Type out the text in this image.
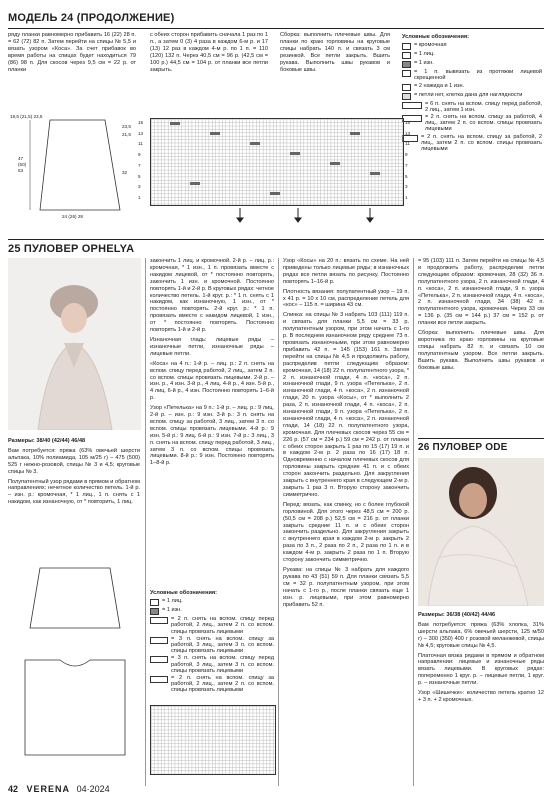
МОДЕЛЬ 24 (ПРОДОЛЖЕНИЕ)
ряду планки равномерно прибавить 16 (22) 28 п. = 62 (72) 82 п. Затем перейти на спицы № 5,5 и вязать узором «Коса». За счет прибавок во время работы на спицах будет находиться 79 (86) 98 п. Для скосов через 9,5 см = 22 р. от планки
с обеих сторон прибавить сначала 1 раз по 1 п., а затем 0 (3) 4 раза в каждом 6-м р. и 17 (13) 12 раз в каждом 4-м р. по 1 п. = 110 (120) 132 п. Через 40,5 см = 96 р. (42,5 см = 100 р.) 44,5 см = 104 р. от планки все петли закрыть.

Сборка: выполнить плечевые швы. Для планки по краю горловины на круговые спицы набрать 140 п. и связать 3 см резинкой. Все петли закрыть. Вшить рукава. Выполнить швы рукавов и боковые швы.

Условные обозначения:
= кромочная
= 1 лиц.
= 1 изн.
= 1 п. вывязать из протяжки лицевой скрещенной
= 2 нажида и 1 изн.
= петли нет, клетка дана для наглядности
= 6 п. снять на вспом. спицу перед работой, 2 лиц., затем 1 изн.
= 2 п. снять на вспом. спицу за работой, 4 лиц., затем 2 п. со вспом. спицы провязать лицевыми
= 2 п. снять на вспом. спицу за работой, 2 лиц., затем 2 п. со вспом. спицы провязать лицевыми
19,5 (21,5) 23,5
47
(50)
53	32
24 (26) 28
23,5
21,5
15
13
11
9
7
5
3
1
15
13
11
9
7
5
3
1
25 ПУЛОВЕР OPHELYA

Размеры: 38/40 (42/44) 46/48

Вам потребуется: пряжа (63% овечьей шерсти альпака, 10% полиамида, 105 м/25 г) – 475 (500) 525 г нежно-розовой, спицы № 3 и 4,5; круговые спицы № 3.

Полупатентный узор рядами в прямом и обратном направлениях: нечетное количество петель. 1-й р. – изн. р.: кромочная, * 1 лиц., 1 п. снять с 1 накидом, как изнаночную, от * повторить, 1 лиц.

закончить 1 лиц. и кромочной. 2-й р. – лиц. р.: кромочная, * 1 изн., 1 п. провязать вместе с накидом лицевой, от * постоянно повторять, закончить 1 изн. и кромочной. Постоянно повторять 1-й и 2-й р. В круговых рядах: четное количество петель. 1-й круг. р.: * 1 п. снять с 1 накидом, как изнаночную, 1 изн., от * постоянно повторять. 2-й круг. р.: * 1 п. провязать вместе с накидом лицевой, 1 изн., от * постоянно повторять. Постоянно повторять 1-й и 2-й р.

Изнаночная гладь: лицевые ряды – изнаночные петли, изнаночные ряды – лицевые петли.

«Коса» на 4 п.: 1-й р. – лиц. р.: 2 п. снять на вспом. спицу перед работой, 2 лиц., затем 2 п. со вспом. спицы провязать лицевыми. 2-й р. – изн. р., 4 изн. 3-й р., 4 лиц. 4-й р., 4 изн. 5-й р., 4 лиц. 6-й р., 4 изн. Постоянно повторять 1–6-й р.

Узор «Петелька» на 9 п.: 1-й р. – лиц. р.: 9 лиц. 2-й р. – изн. р.: 9 изн. 3-й р.: 3 п. снять на вспом. спицу за работой, 3 лиц., затем 3 п. со вспом. спицы провязать лицевыми. 4-й р.: 9 изн. 5-й р.: 9 лиц. 6-й р.: 9 изн. 7-й р.: 3 лиц., 3 п. снять на вспом. спицу перед работой, 3 лиц., затем 3 п. со вспом. спицы провязать лицевыми. 8-й р.: 9 изн. Постоянно повторять 1–8-й р.

Условные обозначения:
= 1 лиц.
= 1 изн.
= 2 п. снять на вспом. спицу перед работой, 2 лиц., затем 2 п. со вспом. спицы провязать лицевыми
= 3 п. снять на вспом. спицу за работой, 3 лиц., затем 3 п. со вспом. спицы провязать лицевыми
= 3 п. снять на вспом. спицу перед работой, 3 лиц., затем 3 п. со вспом. спицы провязать лицевыми
= 2 п. снять на вспом. спицу за работой, 2 лиц., затем 2 п. со вспом. спицы провязать лицевыми

Узор «Косы» на 20 п.: вязать по схеме. На ней приведены только лицевые ряды; в изнаночных рядах все петли вязать по рисунку. Постоянно повторять 1–16-й р.

Плотность вязания: полупатентный узор – 19 п. x 41 р. = 10 x 10 см, распределение петель для «кос» – 115 п. = ширина 43 см.

Спинка: на спицы № 3 набрать 103 (111) 119 п. и связать для планки 5,5 см = 33 р. полупатентным узором, при этом начать с 1-го р. В последнем изнаночном ряду среднее 73 п. провязать изнаночными, при этом равномерно прибавить 42 п. = 145 (153) 161 п. Затем перейти на спицы № 4,5 и продолжить работу, распределив петли следующим образом: кромочная, 14 (18) 22 п. полупатентного узора, * 2 п. изнаночной глади, 4 п. «коса», 2 п. изнаночной глади, 9 п. узора «Петелька», 2 п. изнаночной глади, 4 п. «коса», 2 п. изнаночной глади, 20 п. узора «Косы», от * выполнить 2 раза, 2 п. изнаночной глади, 4 п. «коса», 2 п. изнаночной глади, 9 п. узора «Петелька», 2 п. изнаночной глади, 4 п. «коса», 2 п. изнаночной глади, 14 (18) 22 п. полупатентного узора, кромочная. Для плечевых скосов через 55 см = 226 р. (57 см = 234 р.) 59 см = 242 р. от планки с обеих сторон закрыть 1 раз по 15 (17) 19 п. и в каждом 2-м р. 2 раза по 16 (17) 18 п. Одновременно с началом плечевых скосов для горловины закрыть средние 41 п. и с обеих сторон закончить раздельно. Для закругления закрыть с внутреннего края в следующем 2-м р. закрыть 1 раз 3 п. Вторую сторону закончить симметрично.

Перед: вязать, как спинку, но с более глубокой горловиной. Для этого через 48,5 см = 200 р. (50,5 см = 208 р.) 52,5 см = 216 р. от планки закрыть средние 11 п. и с обеих сторон закончить раздельно. Для закругления закрыть с внутреннего края в каждом 2-м р. закрыть 2 раза по 3 п., 2 раза по 2 п., 2 раза по 1 п. и в каждом 4-м р. закрыть 2 раза по 1 п. Вторую сторону закончить симметрично.

Рукава: на спицы № 3 набрать для каждого рукава по 43 (51) 59 п. Для планки связать 5,5 см = 32 р. полупатентным узором, при этом начать с 1-го р., после планки связать еще 1 изн. р. лицевыми, при этом равномерно прибавить 52 п.

= 95 (103) 111 п. Затем перейти на спицы № 4,5 и продолжить работу, распределив петли следующим образом: кромочная, 28 (32) 36 п. полупатентного узора, 2 п. изнаночной глади, 4 п. «коса», 2 п. изнаночной глади, 9 п. узора «Петелька», 2 п. изнаночной глади, 4 п. «коса», 2 п. изнаночной глади, 34 (38) 42 п. полупатентного узора, кромочная. Через 33 см = 136 р. (35 см = 144 р.) 37 см = 152 р. от планки все петли закрыть.

Сборка: выполнить плечевые швы. Для воротника по краю горловины на круговые спицы набрать 82 п. и связать 10 см полупатентным узором. Все петли закрыть. Вшить рукава. Выполнить швы рукавов и боковые швы.

26 ПУЛОВЕР ODE

Размеры: 36/38 (40/42) 44/46

Вам потребуется: пряжа (63% хлопка, 31% шерсти альпака, 6% овечьей шерсти, 125 м/50 г) – 300 (350) 400 г розовой меланжевой, спицы № 4,5; круговые спицы № 4,5.

Платочная вязка рядами в прямом и обратном направлении: лицевые и изнаночные ряды вязать лицевыми. В круговых рядах: попеременно 1 круг. р. – лицевые петли, 1 круг. р. – изнаночные петли.

Узор «Шишечки»: количество петель кратно 12 + 3 п. + 2 кромочных.

42 VERENA 04·2024
